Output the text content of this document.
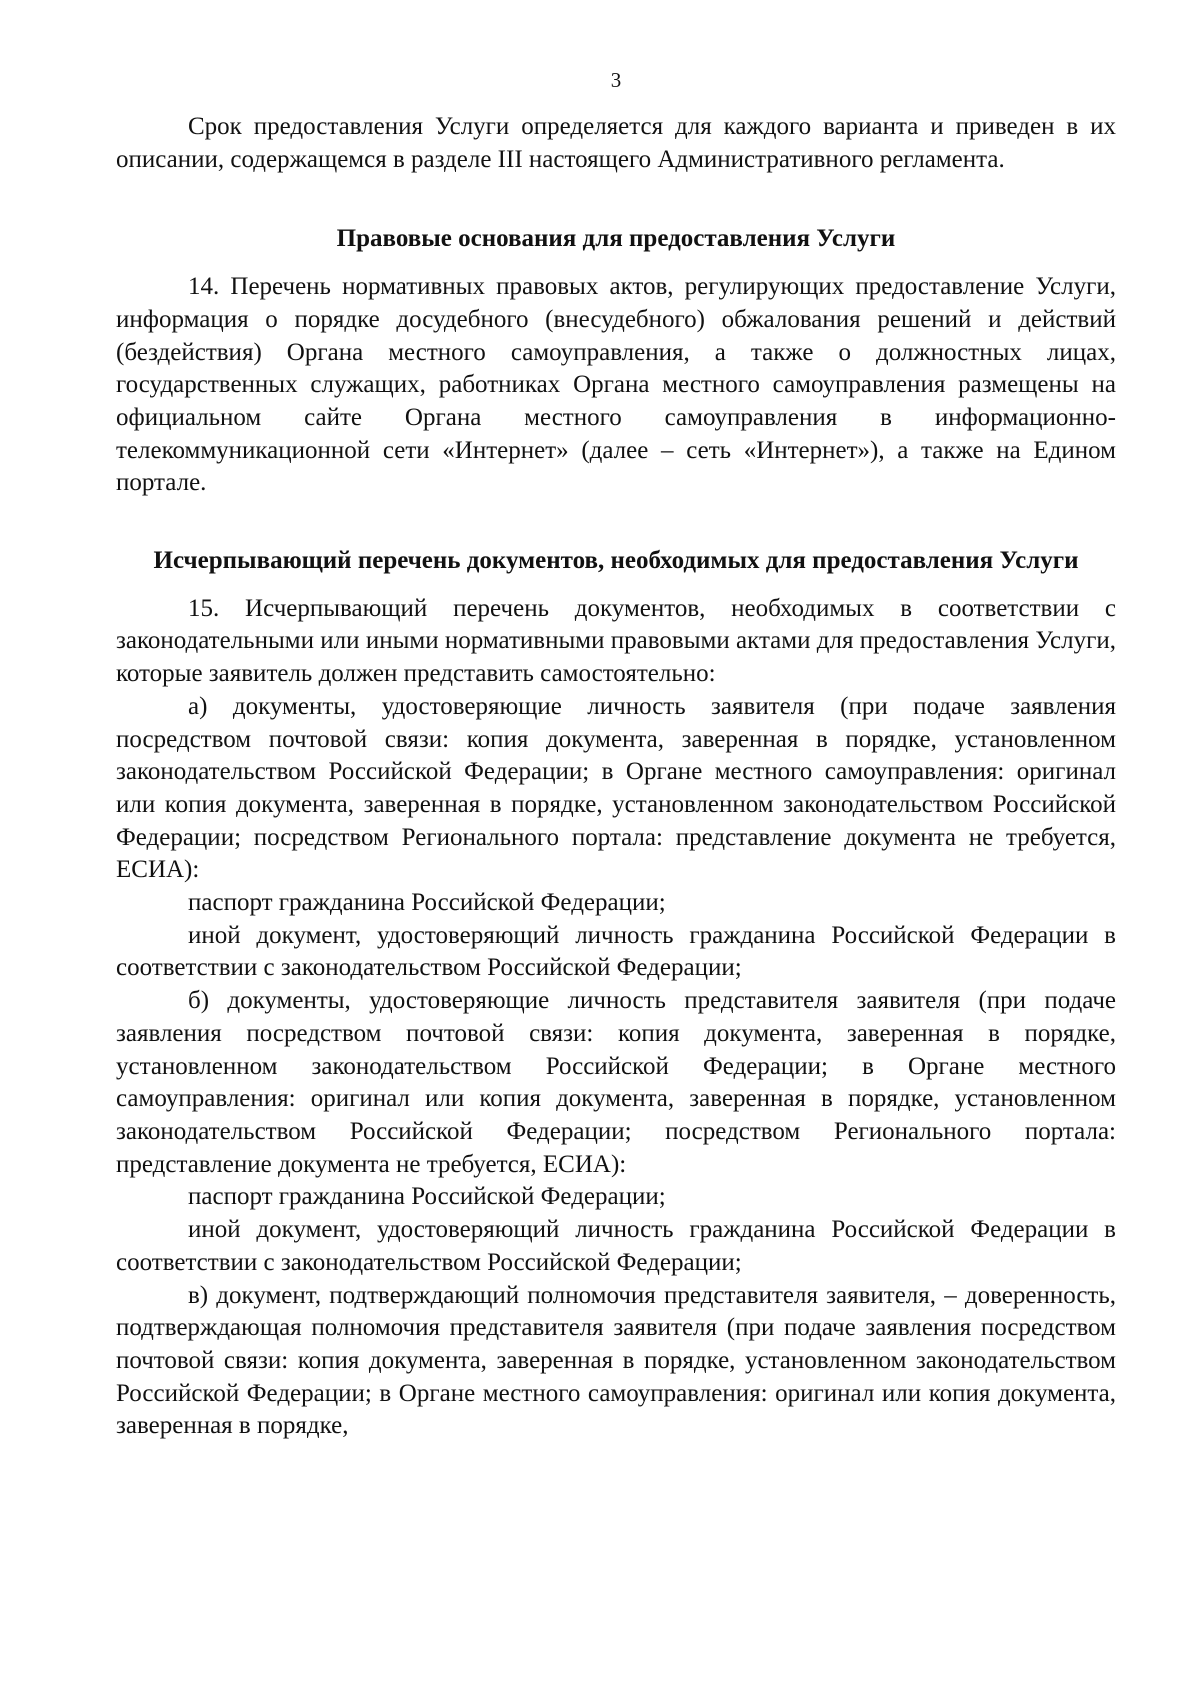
3

Срок предоставления Услуги определяется для каждого варианта и приведен в их описании, содержащемся в разделе III настоящего Административного регламента.

Правовые основания для предоставления Услуги

14. Перечень нормативных правовых актов, регулирующих предоставление Услуги, информация о порядке досудебного (внесудебного) обжалования решений и действий (бездействия) Органа местного самоуправления, а также о должностных лицах, государственных служащих, работниках Органа местного самоуправления размещены на официальном сайте Органа местного самоуправления в информационно-телекоммуникационной сети «Интернет» (далее – сеть «Интернет»), а также на Едином портале.

Исчерпывающий перечень документов, необходимых для предоставления Услуги

15. Исчерпывающий перечень документов, необходимых в соответствии с законодательными или иными нормативными правовыми актами для предоставления Услуги, которые заявитель должен представить самостоятельно:

а) документы, удостоверяющие личность заявителя (при подаче заявления посредством почтовой связи: копия документа, заверенная в порядке, установленном законодательством Российской Федерации; в Органе местного самоуправления: оригинал или копия документа, заверенная в порядке, установленном законодательством Российской Федерации; посредством Регионального портала: представление документа не требуется, ЕСИА):

паспорт гражданина Российской Федерации;

иной документ, удостоверяющий личность гражданина Российской Федерации в соответствии с законодательством Российской Федерации;

б) документы, удостоверяющие личность представителя заявителя (при подаче заявления посредством почтовой связи: копия документа, заверенная в порядке, установленном законодательством Российской Федерации; в Органе местного самоуправления: оригинал или копия документа, заверенная в порядке, установленном законодательством Российской Федерации; посредством Регионального портала: представление документа не требуется, ЕСИА):

паспорт гражданина Российской Федерации;

иной документ, удостоверяющий личность гражданина Российской Федерации в соответствии с законодательством Российской Федерации;

в) документ, подтверждающий полномочия представителя заявителя, – доверенность, подтверждающая полномочия представителя заявителя (при подаче заявления посредством почтовой связи: копия документа, заверенная в порядке, установленном законодательством Российской Федерации; в Органе местного самоуправления: оригинал или копия документа, заверенная в порядке,
